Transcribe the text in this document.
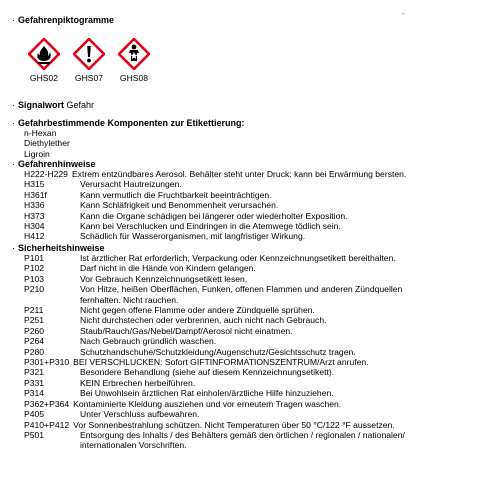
-
· Gefahrenpiktogramme
GHS02	GHS07	GHS08
· Signalwort Gefahr
· Gefahrbestimmende Komponenten zur Etikettierung:
n-Hexan
Diethylether
Ligroin
· Gefahrenhinweise
H222-H229 Extrem entzündbares Aerosol. Behälter steht unter Druck: kann bei Erwärmung bersten.
H315	Verursacht Hautreizungen.
H361f	Kann vermutlich die Fruchtbarkeit beeinträchtigen.
H336	Kann Schläfrigkeit und Benommenheit verursachen.
H373	Kann die Organe schädigen bei längerer oder wiederholter Exposition.
H304	Kann bei Verschlucken und Eindringen in die Atemwege tödlich sein.
H412	Schädlich für Wasserorganismen, mit langfristiger Wirkung.
· Sicherheitshinweise
P101	Ist ärztlicher Rat erforderlich, Verpackung oder Kennzeichnungsetikett bereithalten.
P102	Darf nicht in die Hände von Kindern gelangen.
P103	Vor Gebrauch Kennzeichnungsetikett lesen.
P210	Von Hitze, heißen Oberflächen, Funken, offenen Flammen und anderen Zündquellen
fernhalten. Nicht rauchen.
P211	Nicht gegen offene Flamme oder andere Zündquelle sprühen.
P251	Nicht durchstechen oder verbrennen, auch nicht nach Gebrauch.
P260	Staub/Rauch/Gas/Nebel/Dampf/Aerosol nicht einatmen.
P264	Nach Gebrauch gründlich waschen.
P280	Schutzhandschuhe/Schutzkleidung/Augenschutz/Gesichtsschutz tragen.
P301+P310 BEI VERSCHLUCKEN: Sofort GIFTINFORMATIONSZENTRUM/Arzt anrufen.
P321	Besondere Behandlung (siehe auf diesem Kennzeichnungsetikett).
P331	KEIN Erbrechen herbeiführen.
P314	Bei Unwohlsein ärztlichen Rat einholen/ärztliche Hilfe hinzuziehen.
P362+P364 Kontaminierte Kleidung ausziehen und vor erneutem Tragen waschen.
P405	Unter Verschluss aufbewahren.
P410+P412 Vor Sonnenbestrahlung schützen. Nicht Temperaturen über 50 °C/122 °F aussetzen.
P501	Entsorgung des Inhalts / des Behälters gemäß den örtlichen / regionalen / nationalen/
internationalen Vorschriften.
